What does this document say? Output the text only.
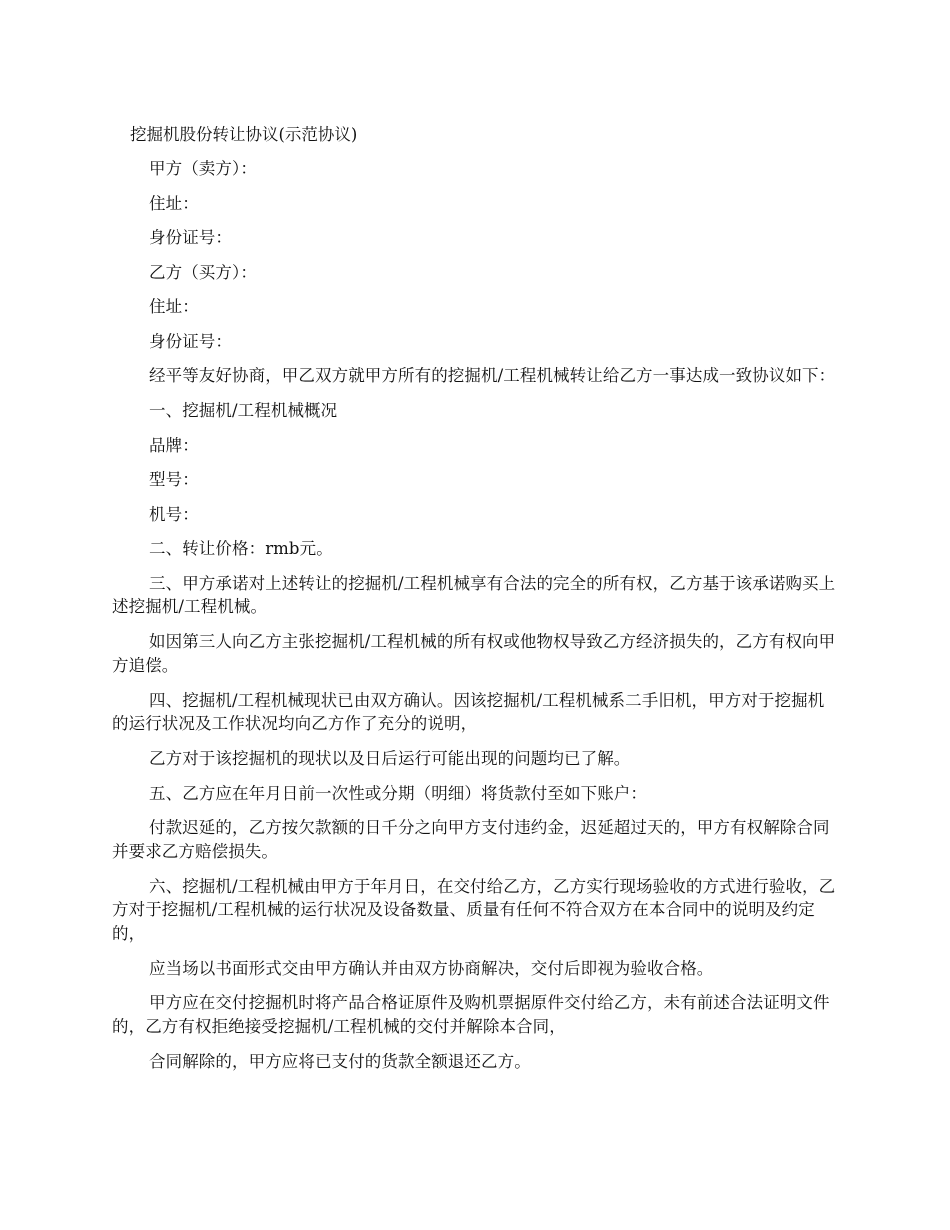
挖掘机股份转让协议(示范协议)

甲方（卖方）：

住址：

身份证号：

乙方（买方）：

住址：

身份证号：

经平等友好协商，甲乙双方就甲方所有的挖掘机/工程机械转让给乙方一事达成一致协议如下：

一、挖掘机/工程机械概况

品牌：

型号：

机号：

二、转让价格：rmb元。

三、甲方承诺对上述转让的挖掘机/工程机械享有合法的完全的所有权，乙方基于该承诺购买上述挖掘机/工程机械。

如因第三人向乙方主张挖掘机/工程机械的所有权或他物权导致乙方经济损失的，乙方有权向甲方追偿。

四、挖掘机/工程机械现状已由双方确认。因该挖掘机/工程机械系二手旧机，甲方对于挖掘机的运行状况及工作状况均向乙方作了充分的说明，

乙方对于该挖掘机的现状以及日后运行可能出现的问题均已了解。

五、乙方应在年月日前一次性或分期（明细）将货款付至如下账户：

付款迟延的，乙方按欠款额的日千分之向甲方支付违约金，迟延超过天的，甲方有权解除合同并要求乙方赔偿损失。

六、挖掘机/工程机械由甲方于年月日，在交付给乙方，乙方实行现场验收的方式进行验收，乙方对于挖掘机/工程机械的运行状况及设备数量、质量有任何不符合双方在本合同中的说明及约定的，

应当场以书面形式交由甲方确认并由双方协商解决，交付后即视为验收合格。

甲方应在交付挖掘机时将产品合格证原件及购机票据原件交付给乙方，未有前述合法证明文件的，乙方有权拒绝接受挖掘机/工程机械的交付并解除本合同，

合同解除的，甲方应将已支付的货款全额退还乙方。
